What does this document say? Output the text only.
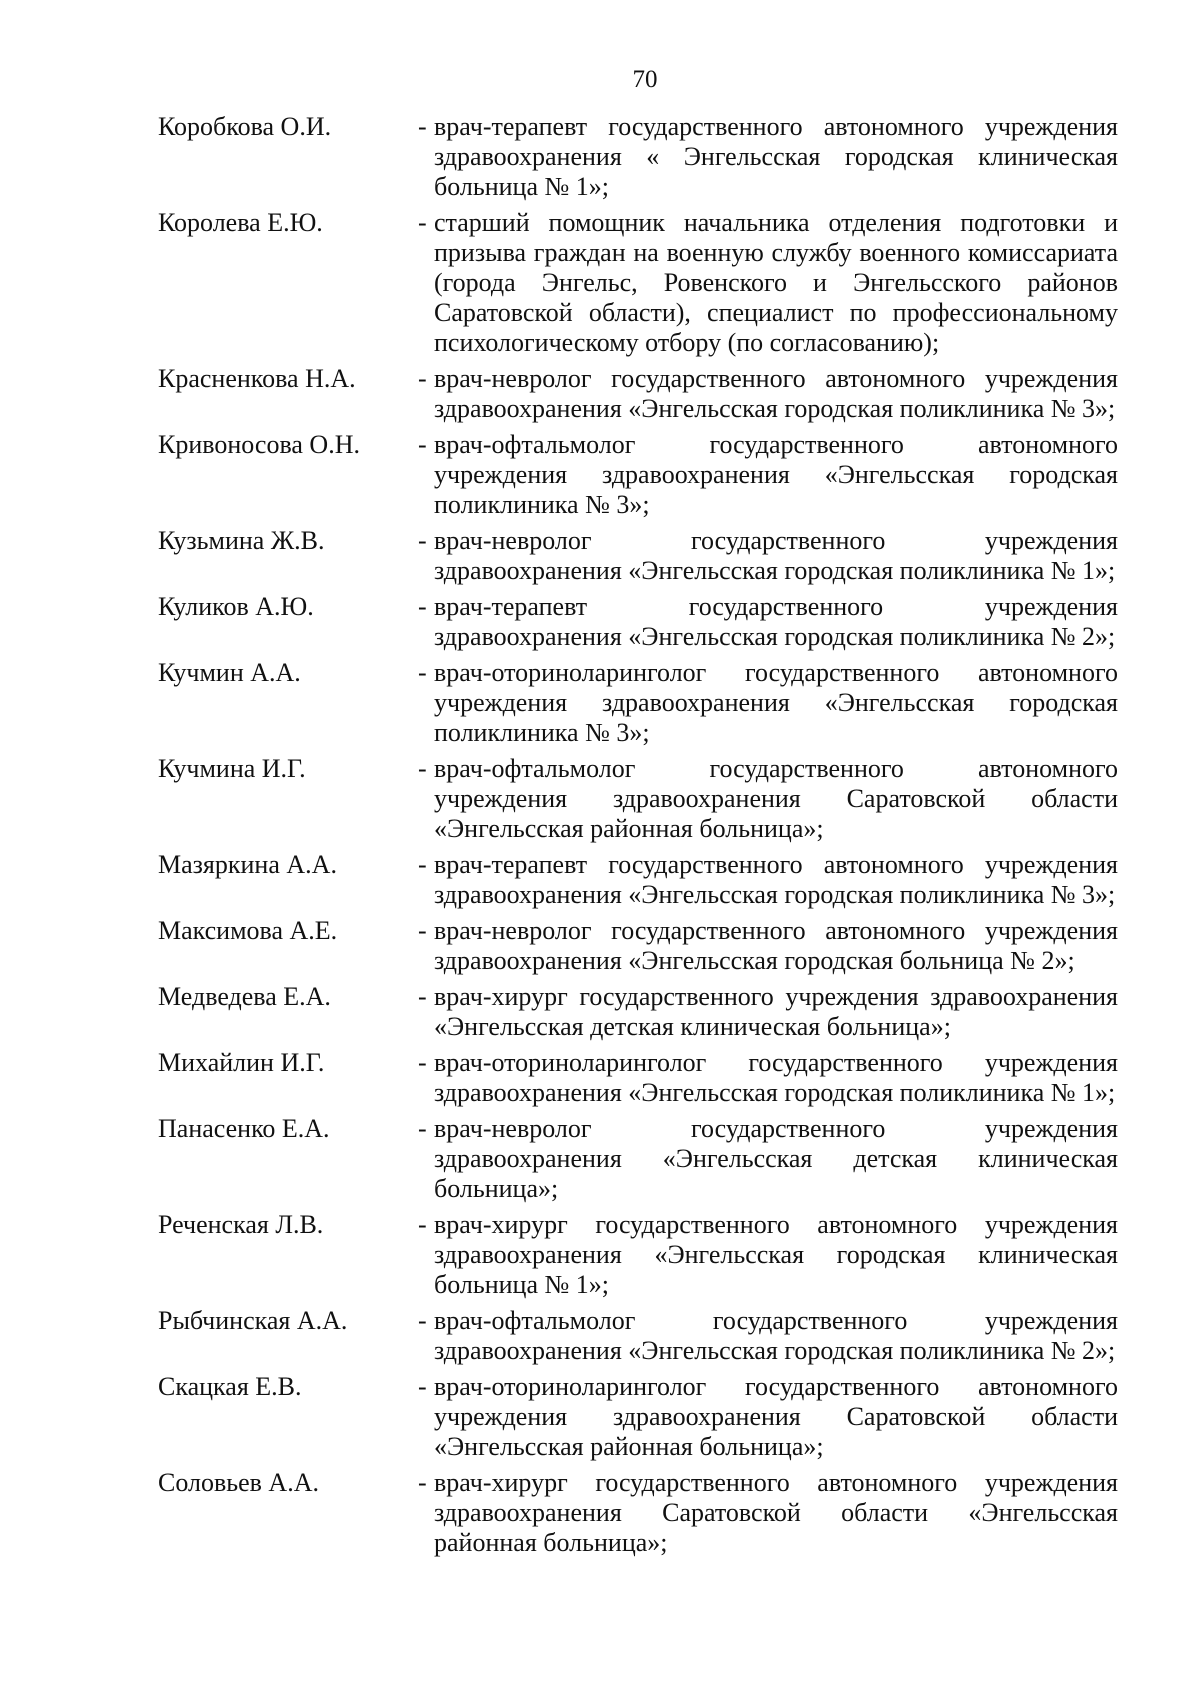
70
Коробкова О.И.	- врач-терапевт государственного автономного учреждения здравоохранения « Энгельсская городская клиническая больница № 1»;
Королева Е.Ю.	- старший помощник начальника отделения подготовки и призыва граждан на военную службу военного комиссариата (города Энгельс, Ровенского и Энгельсского районов Саратовской области), специалист по профессиональному психологическому отбору (по согласованию);
Красненкова Н.А.	- врач-невролог государственного автономного учреждения здравоохранения «Энгельсская городская поликлиника № 3»;
Кривоносова О.Н.	- врач-офтальмолог государственного автономного учреждения здравоохранения «Энгельсская городская поликлиника № 3»;
Кузьмина Ж.В.	- врач-невролог государственного учреждения здравоохранения «Энгельсская городская поликлиника № 1»;
Куликов А.Ю.	- врач-терапевт государственного учреждения здравоохранения «Энгельсская городская поликлиника № 2»;
Кучмин А.А.	- врач-оториноларинголог государственного автономного учреждения здравоохранения «Энгельсская городская поликлиника № 3»;
Кучмина И.Г.	- врач-офтальмолог государственного автономного учреждения здравоохранения Саратовской области «Энгельсская районная больница»;
Мазяркина А.А.	- врач-терапевт государственного автономного учреждения здравоохранения «Энгельсская городская поликлиника № 3»;
Максимова А.Е.	- врач-невролог государственного автономного учреждения здравоохранения «Энгельсская городская больница № 2»;
Медведева Е.А.	- врач-хирург государственного учреждения здравоохранения «Энгельсская детская клиническая больница»;
Михайлин И.Г.	- врач-оториноларинголог государственного учреждения здравоохранения «Энгельсская городская поликлиника № 1»;
Панасенко Е.А.	- врач-невролог государственного учреждения здравоохранения «Энгельсская детская клиническая больница»;
Реченская Л.В.	- врач-хирург государственного автономного учреждения здравоохранения «Энгельсская городская клиническая больница № 1»;
Рыбчинская А.А.	- врач-офтальмолог государственного учреждения здравоохранения «Энгельсская городская поликлиника № 2»;
Скацкая Е.В.	- врач-оториноларинголог государственного автономного учреждения здравоохранения Саратовской области «Энгельсская районная больница»;
Соловьев А.А.	- врач-хирург государственного автономного учреждения здравоохранения Саратовской области «Энгельсская районная больница»;
